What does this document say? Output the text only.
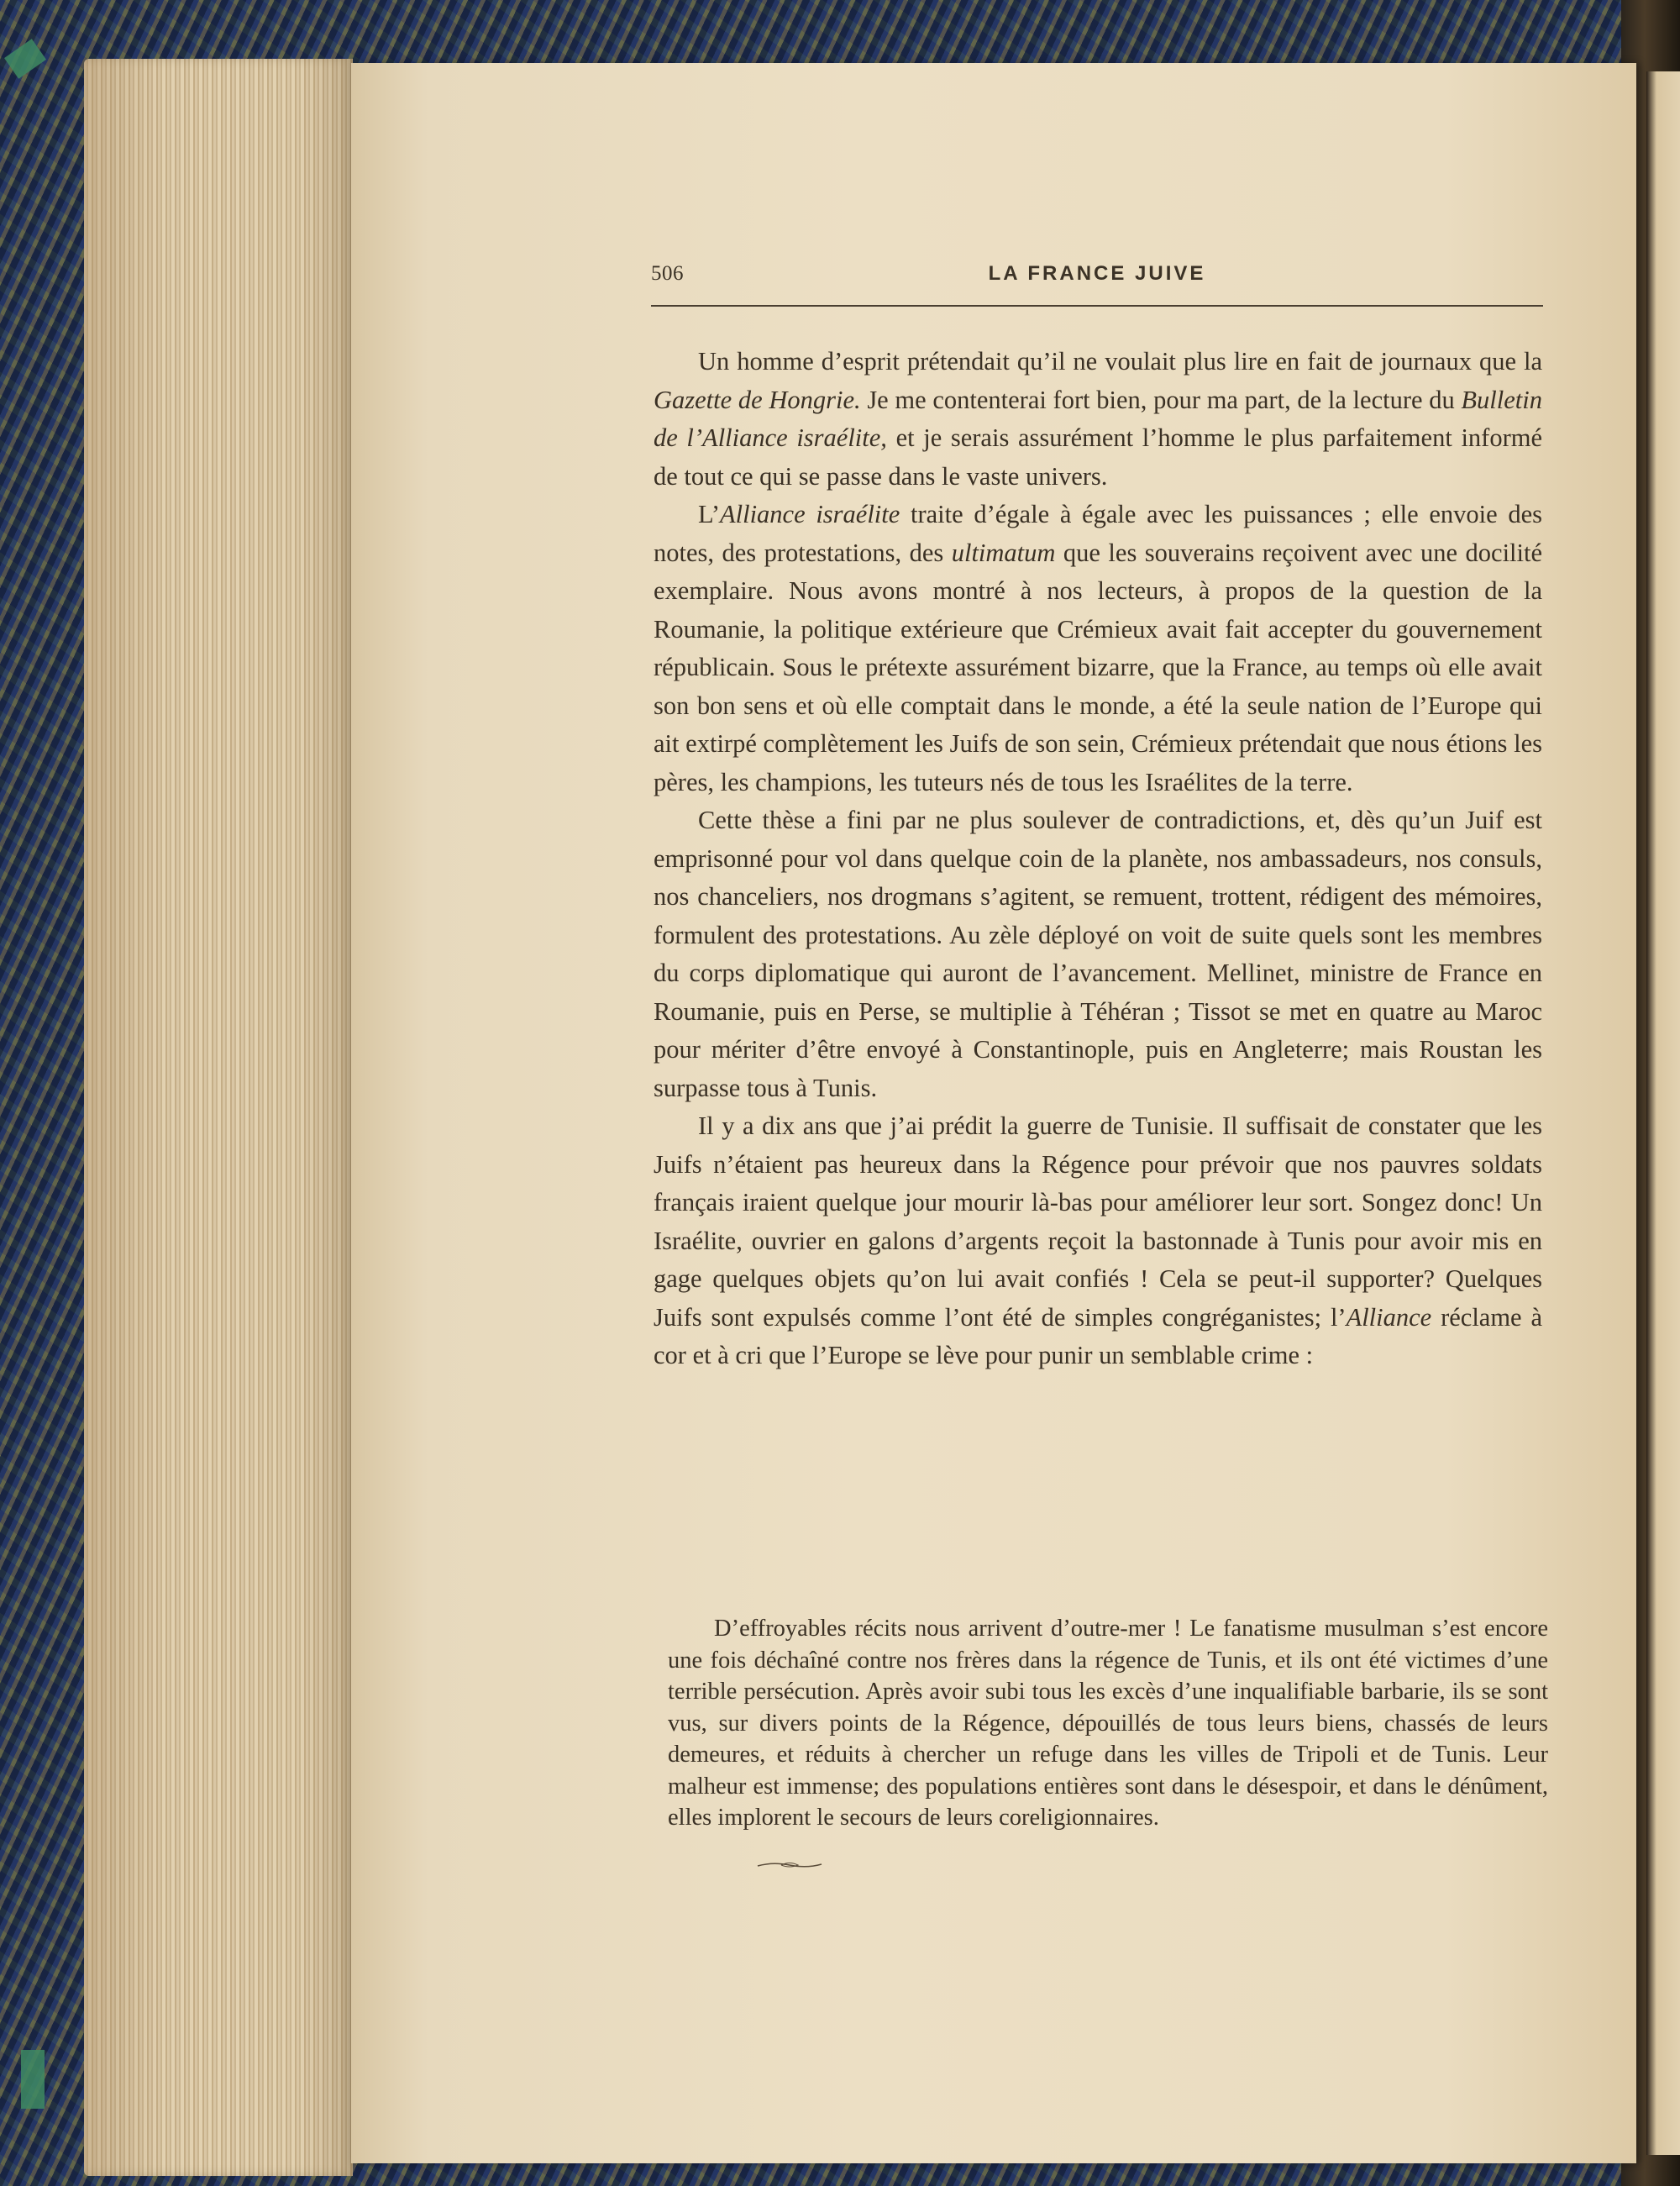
506	LA FRANCE JUIVE

Un homme d’esprit prétendait qu’il ne voulait plus lire en fait de journaux que la Gazette de Hongrie. Je me contenterai fort bien, pour ma part, de la lecture du Bulletin de l’Alliance israélite, et je serais assurément l’homme le plus parfaitement informé de tout ce qui se passe dans le vaste univers.

L’Alliance israélite traite d’égale à égale avec les puissances ; elle envoie des notes, des protestations, des ultimatum que les souverains reçoivent avec une docilité exemplaire. Nous avons montré à nos lecteurs, à propos de la question de la Roumanie, la politique extérieure que Crémieux avait fait accepter du gouvernement républicain. Sous le prétexte assurément bizarre, que la France, au temps où elle avait son bon sens et où elle comptait dans le monde, a été la seule nation de l’Europe qui ait extirpé complètement les Juifs de son sein, Crémieux prétendait que nous étions les pères, les champions, les tuteurs nés de tous les Israélites de la terre.

Cette thèse a fini par ne plus soulever de contradictions, et, dès qu’un Juif est emprisonné pour vol dans quelque coin de la planète, nos ambassadeurs, nos consuls, nos chanceliers, nos drogmans s’agitent, se remuent, trottent, rédigent des mémoires, formulent des protestations. Au zèle déployé on voit de suite quels sont les membres du corps diplomatique qui auront de l’avancement. Mellinet, ministre de France en Roumanie, puis en Perse, se multiplie à Téhéran ; Tissot se met en quatre au Maroc pour mériter d’être envoyé à Constantinople, puis en Angleterre; mais Roustan les surpasse tous à Tunis.

Il y a dix ans que j’ai prédit la guerre de Tunisie. Il suffisait de constater que les Juifs n’étaient pas heureux dans la Régence pour prévoir que nos pauvres soldats français iraient quelque jour mourir là-bas pour améliorer leur sort. Songez donc! Un Israélite, ouvrier en galons d’argents reçoit la bastonnade à Tunis pour avoir mis en gage quelques objets qu’on lui avait confiés ! Cela se peut-il supporter? Quelques Juifs sont expulsés comme l’ont été de simples congréganistes; l’Alliance réclame à cor et à cri que l’Europe se lève pour punir un semblable crime :

D’effroyables récits nous arrivent d’outre-mer ! Le fanatisme musulman s’est encore une fois déchaîné contre nos frères dans la régence de Tunis, et ils ont été victimes d’une terrible persécution. Après avoir subi tous les excès d’une inqualifiable barbarie, ils se sont vus, sur divers points de la Régence, dépouillés de tous leurs biens, chassés de leurs demeures, et réduits à chercher un refuge dans les villes de Tripoli et de Tunis. Leur malheur est immense; des populations entières sont dans le désespoir, et dans le dénûment, elles implorent le secours de leurs coreligionnaires.
